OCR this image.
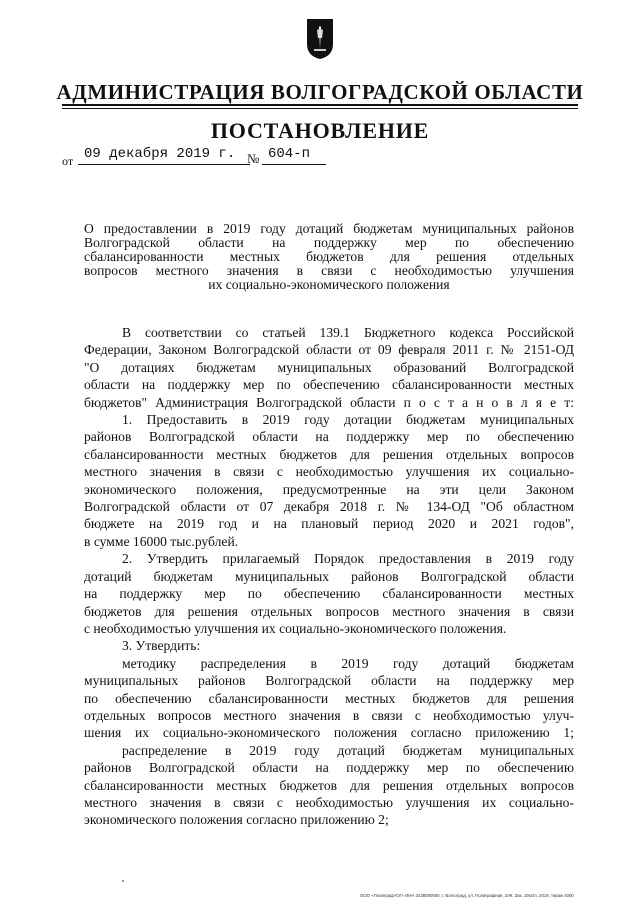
АДМИНИСТРАЦИЯ ВОЛГОГРАДСКОЙ ОБЛАСТИ
ПОСТАНОВЛЕНИЕ
от 09 декабря 2019 г. № 604-п
О предоставлении в 2019 году дотаций бюджетам муниципальных районов
Волгоградской области на поддержку мер по обеспечению
сбалансированности местных бюджетов для решения отдельных
вопросов местного значения в связи с необходимостью улучшения
их социально-экономического положения
В соответствии со статьей 139.1 Бюджетного кодекса Российской
Федерации, Законом Волгоградской области от 09 февраля 2011 г. № 2151-ОД
"О дотациях бюджетам муниципальных образований Волгоградской
области на поддержку мер по обеспечению сбалансированности местных
бюджетов" Администрация Волгоградской области п о с т а н о в л я е т:
1. Предоставить в 2019 году дотации бюджетам муниципальных
районов Волгоградской области на поддержку мер по обеспечению
сбалансированности местных бюджетов для решения отдельных вопросов
местного значения в связи с необходимостью улучшения их социально-
экономического положения, предусмотренные на эти цели Законом
Волгоградской области от 07 декабря 2018 г. № 134-ОД "Об областном
бюджете на 2019 год и на плановый период 2020 и 2021 годов",
в сумме 16000 тыс.рублей.
2. Утвердить прилагаемый Порядок предоставления в 2019 году
дотаций бюджетам муниципальных районов Волгоградской области
на поддержку мер по обеспечению сбалансированности местных
бюджетов для решения отдельных вопросов местного значения в связи
с необходимостью улучшения их социально-экономического положения.
3. Утвердить:
методику распределения в 2019 году дотаций бюджетам
муниципальных районов Волгоградской области на поддержку мер
по обеспечению сбалансированности местных бюджетов для решения
отдельных вопросов местного значения в связи с необходимостью улуч-
шения их социально-экономического положения согласно приложению 1;
распределение в 2019 году дотаций бюджетам муниципальных
районов Волгоградской области на поддержку мер по обеспечению
сбалансированности местных бюджетов для решения отдельных вопросов
местного значения в связи с необходимостью улучшения их социально-
экономического положения согласно приложению 2;
ООО «Полиграф-ЮГ» ИНН 3438000000, г. Волгоград, ул. Полиграфная, 2/Ж. Зак. 19хОл, 2019, тираж 4000
